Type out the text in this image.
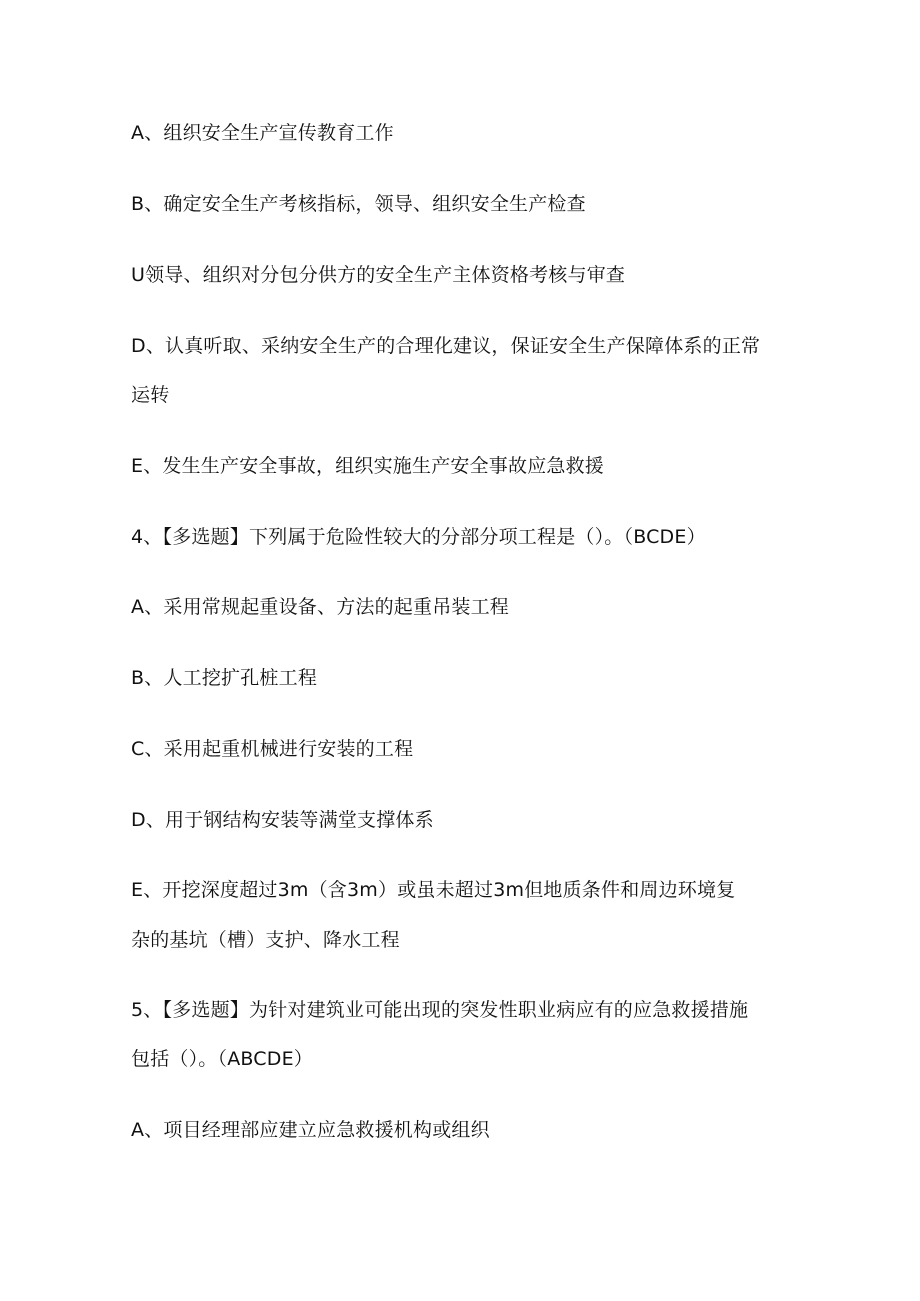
A、组织安全生产宣传教育工作
B、确定安全生产考核指标，领导、组织安全生产检查
U领导、组织对分包分供方的安全生产主体资格考核与审查
D、认真听取、采纳安全生产的合理化建议，保证安全生产保障体系的正常
运转
E、发生生产安全事故，组织实施生产安全事故应急救援
4、【多选题】下列属于危险性较大的分部分项工程是（）。（BCDE）
A、采用常规起重设备、方法的起重吊装工程
B、人工挖扩孔桩工程
C、采用起重机械进行安装的工程
D、用于钢结构安装等满堂支撑体系
E、开挖深度超过3m（含3m）或虽未超过3m但地质条件和周边环境复
杂的基坑（槽）支护、降水工程
5、【多选题】为针对建筑业可能出现的突发性职业病应有的应急救援措施
包括（）。（ABCDE）
A、项目经理部应建立应急救援机构或组织
